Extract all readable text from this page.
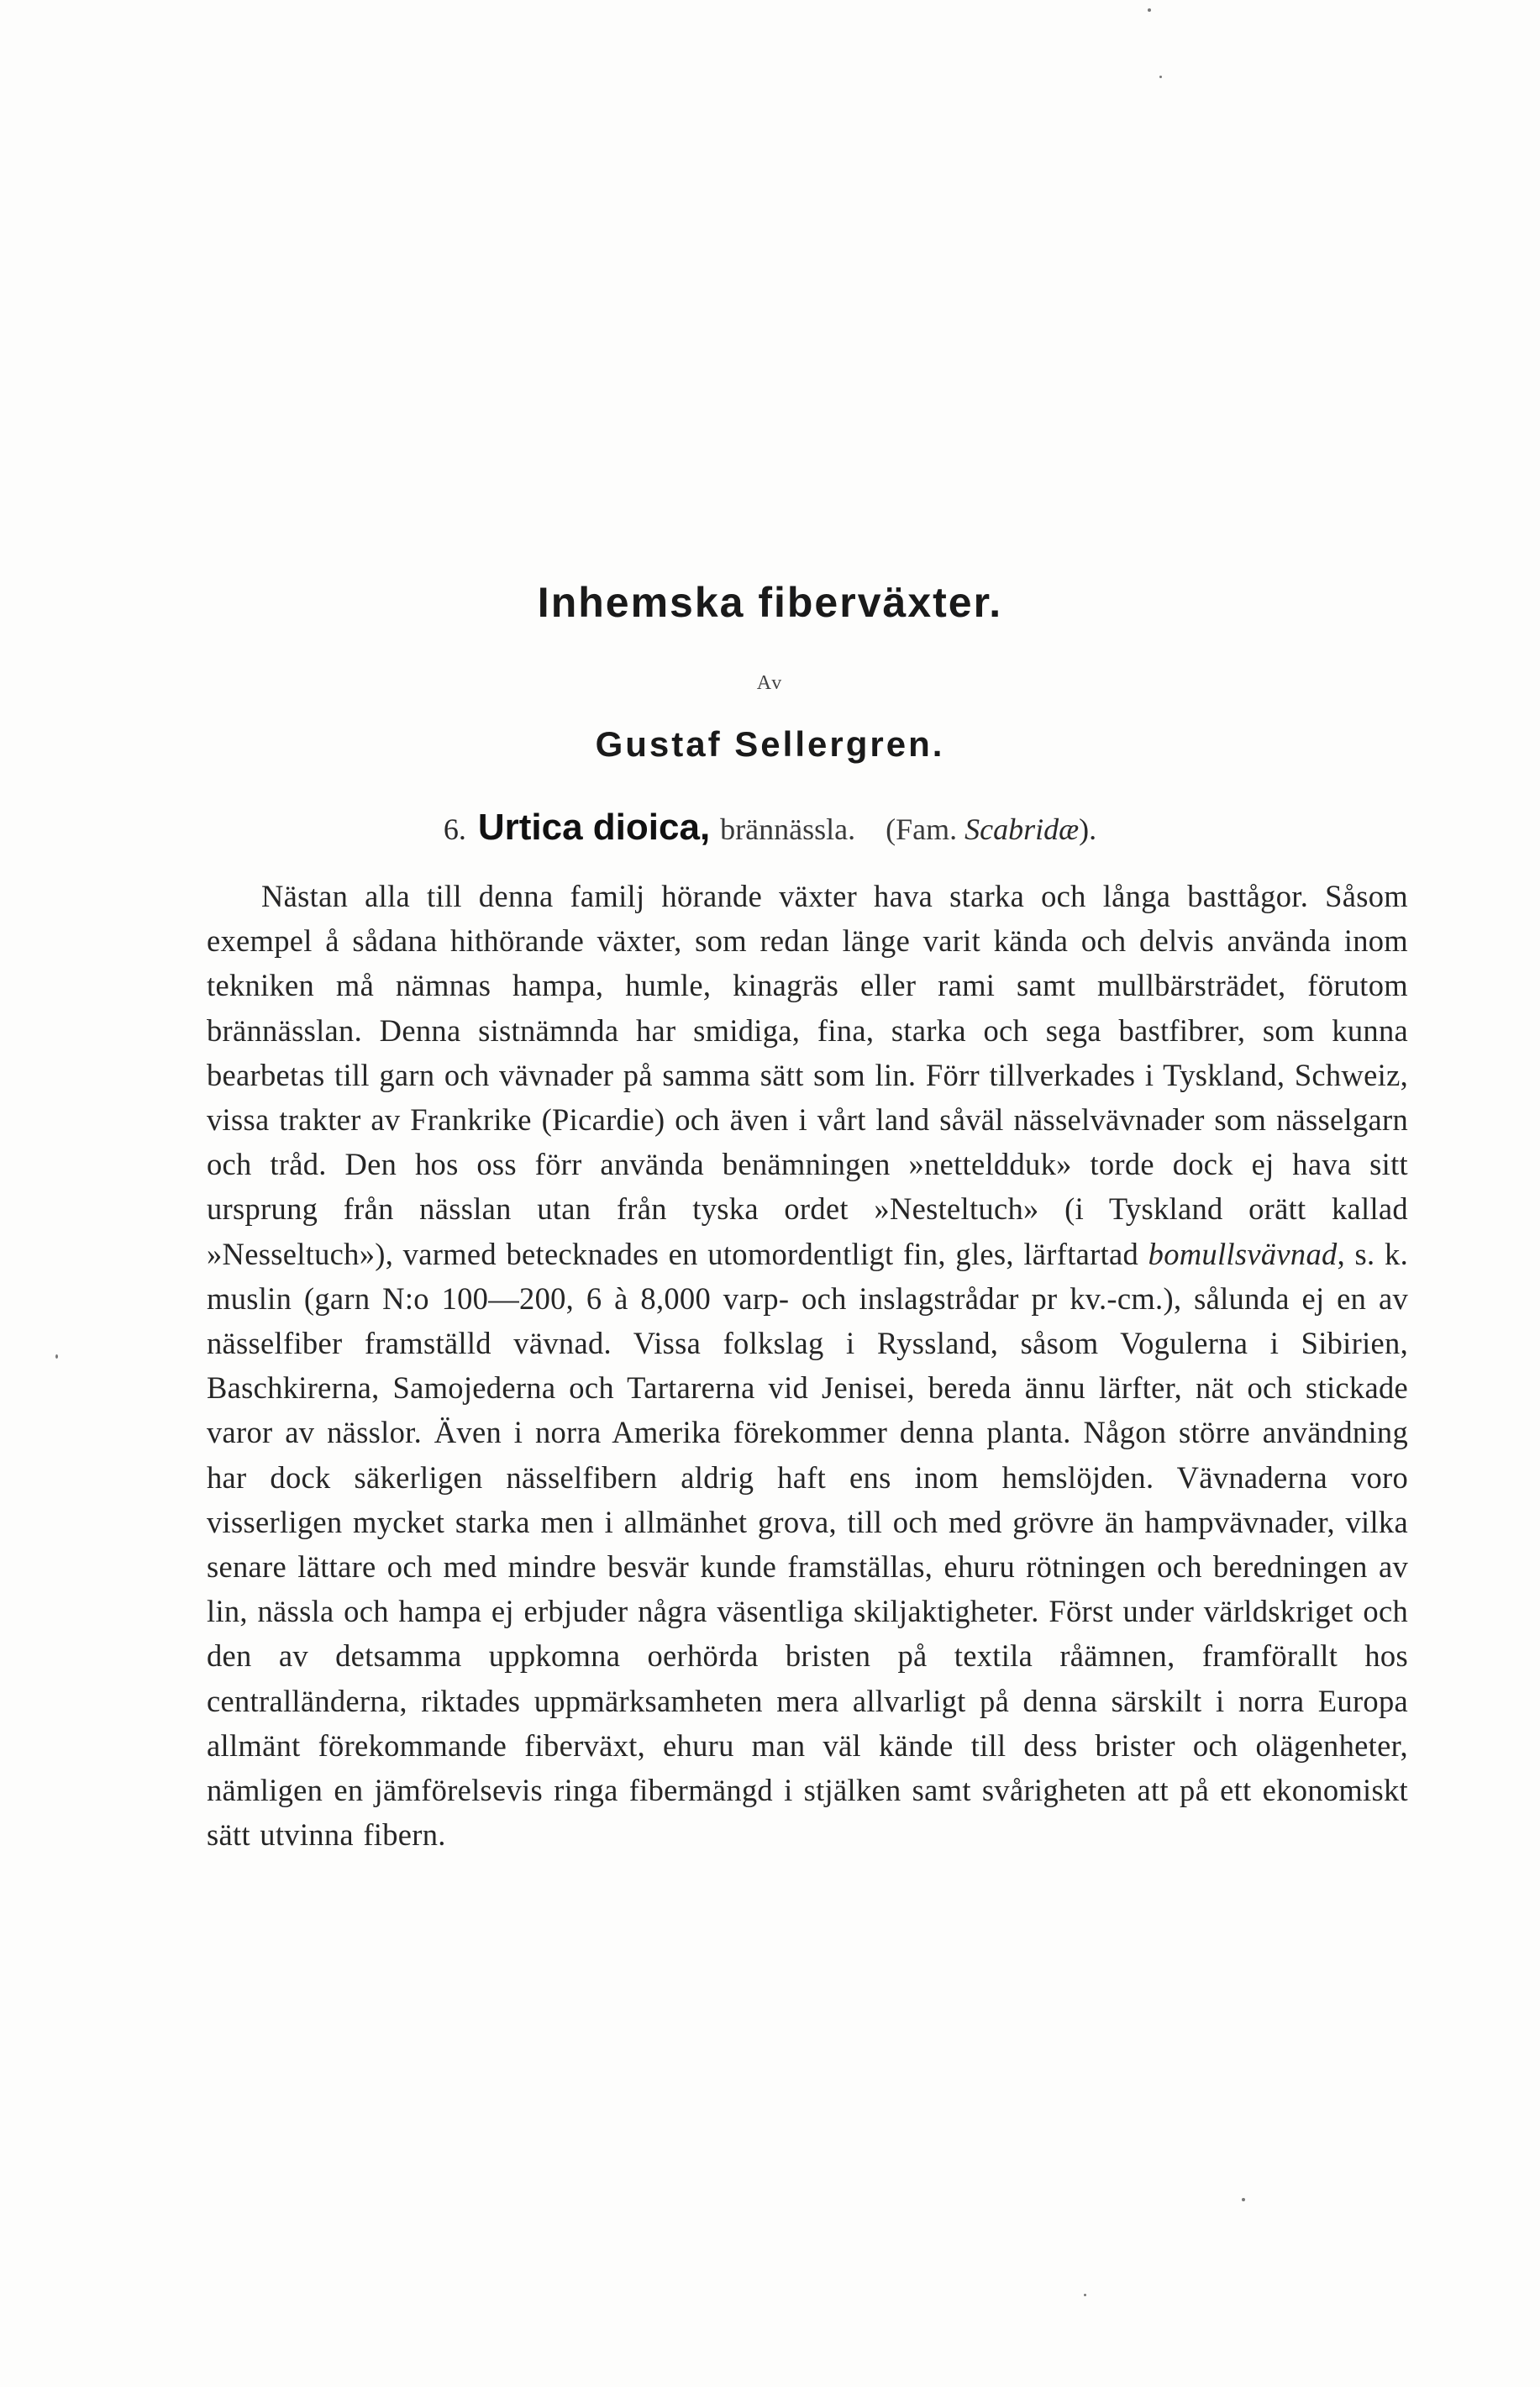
Inhemska fiberväxter.
Av
Gustaf Sellergren.
6. Urtica dioica, brännässla. (Fam. Scabridæ).

Nästan alla till denna familj hörande växter hava starka och långa basttågor. Såsom exempel å sådana hithörande växter, som redan länge varit kända och delvis använda inom tekniken må nämnas hampa, humle, kinagräs eller rami samt mullbärsträdet, förutom brännässlan. Denna sistnämnda har smidiga, fina, starka och sega bastfibrer, som kunna bearbetas till garn och vävnader på samma sätt som lin. Förr tillverkades i Tyskland, Schweiz, vissa trakter av Frankrike (Picardie) och även i vårt land såväl nässelvävnader som nässelgarn och tråd. Den hos oss förr använda benämningen »netteldduk» torde dock ej hava sitt ursprung från nässlan utan från tyska ordet »Nesteltuch» (i Tyskland orätt kallad »Nesseltuch»), varmed betecknades en utomordentligt fin, gles, lärftartad bomullsvävnad, s. k. muslin (garn N:o 100—200, 6 à 8,000 varp- och inslagstrådar pr kv.-cm.), sålunda ej en av nässelfiber framställd vävnad. Vissa folkslag i Ryssland, såsom Vogulerna i Sibirien, Baschkirerna, Samojederna och Tartarerna vid Jenisei, bereda ännu lärfter, nät och stickade varor av nässlor. Även i norra Amerika förekommer denna planta. Någon större användning har dock säkerligen nässelfibern aldrig haft ens inom hemslöjden. Vävnaderna voro visserligen mycket starka men i allmänhet grova, till och med grövre än hampvävnader, vilka senare lättare och med mindre besvär kunde framställas, ehuru rötningen och beredningen av lin, nässla och hampa ej erbjuder några väsentliga skiljaktigheter. Först under världskriget och den av detsamma uppkomna oerhörda bristen på textila råämnen, framförallt hos centralländerna, riktades uppmärksamheten mera allvarligt på denna särskilt i norra Europa allmänt förekommande fiberväxt, ehuru man väl kände till dess brister och olägenheter, nämligen en jämförelsevis ringa fibermängd i stjälken samt svårigheten att på ett ekonomiskt sätt utvinna fibern.
